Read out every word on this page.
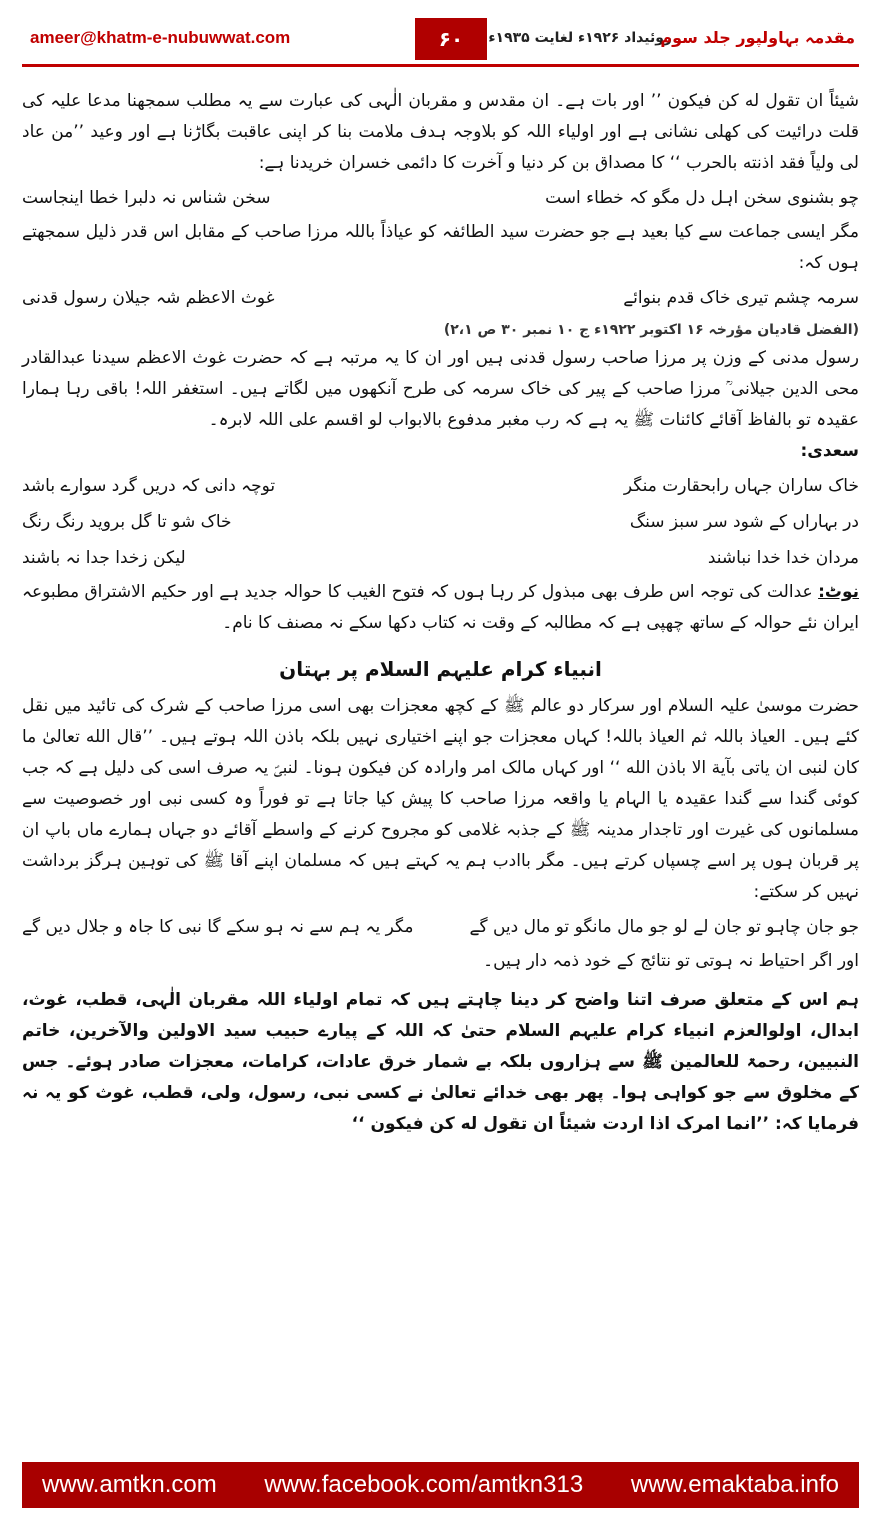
ameer@khatm-e-nubuwwat.com	۶۰	روئیداد ۱۹۲۶ء لغایت ۱۹۳۵ء
مقدمہ بہاولپور جلد سوم

شیئاً ان تقول له کن فیکون ’’ اور بات ہے۔ ان مقدس و مقربان الٰہی کی عبارت سے یہ مطلب سمجھنا مدعا علیہ کی قلت درائیت کی کھلی نشانی ہے اور اولیاء اللہ کو بلاوجہ ہدف ملامت بنا کر اپنی عاقبت بگاڑنا ہے اور وعید ’’من عاد لی ولیاً فقد اذنته بالحرب ‘‘ کا مصداق بن کر دنیا و آخرت کا دائمی خسران خریدنا ہے:

چو بشنوی سخن اہل دل مگو کہ خطاء است
سخن شناس نہ دلبرا خطا اینجاست

مگر ایسی جماعت سے کیا بعید ہے جو حضرت سید الطائفہ کو عیاذاً باللہ مرزا صاحب کے مقابل اس قدر ذلیل سمجھتے ہوں کہ:

سرمہ چشم تیری خاک قدم بنوائے
غوث الاعظم شہ جیلان رسول قدنی
(الفضل قادیان مؤرخہ ۱۶ اکتوبر ۱۹۲۲ء ج ۱۰ نمبر ۳۰ ص ۲،۱)

رسول مدنی کے وزن پر مرزا صاحب رسول قدنی ہیں اور ان کا یہ مرتبہ ہے کہ حضرت غوث الاعظم سیدنا عبدالقادر محی الدین جیلانی ؒ مرزا صاحب کے پیر کی خاک سرمہ کی طرح آنکھوں میں لگاتے ہیں۔ استغفر اللہ! باقی رہا ہمارا عقیدہ تو بالفاظ آقائے کائنات ﷺ یہ ہے کہ رب مغبر مدفوع بالابواب لو اقسم علی اللہ لابرہ۔

سعدی:

خاک ساران جہاں رابحقارت منگر
توچہ دانی کہ دریں گرد سوارے باشد
در بہاراں کے شود سر سبز سنگ
خاک شو تا گل بروید رنگ رنگ
مردان خدا خدا نباشند
لیکن زخدا جدا نہ باشند

نوٹ: عدالت کی توجہ اس طرف بھی مبذول کر رہا ہوں کہ فتوح الغیب کا حوالہ جدید ہے اور حکیم الاشتراق مطبوعہ ایران نئے حوالہ کے ساتھ چھپی ہے کہ مطالبہ کے وقت نہ کتاب دکھا سکے نہ مصنف کا نام۔

انبیاء کرام علیہم السلام پر بہتان

حضرت موسیٰ علیہ السلام اور سرکار دو عالم ﷺ کے کچھ معجزات بھی اسی مرزا صاحب کے شرک کی تائید میں نقل کئے ہیں۔ العیاذ باللہ ثم العیاذ باللہ! کہاں معجزات جو اپنے اختیاری نہیں بلکہ باذن اللہ ہوتے ہیں۔ ’’قال الله تعالیٰ ما کان لنبی ان یاتی بآیة الا باذن الله ‘‘ اور کہاں مالک امر وارادہ کن فیکون ہونا۔ لنبیؐ یہ صرف اسی کی دلیل ہے کہ جب کوئی گندا سے گندا عقیدہ یا الہام یا واقعہ مرزا صاحب کا پیش کیا جاتا ہے تو فوراً وہ کسی نبی اور خصوصیت سے مسلمانوں کی غیرت اور تاجدار مدینہ ﷺ کے جذبہ غلامی کو مجروح کرنے کے واسطے آقائے دو جہاں ہمارے ماں باپ ان پر قربان ہوں پر اسے چسپاں کرتے ہیں۔ مگر باادب ہم یہ کہتے ہیں کہ مسلمان اپنے آقا ﷺ کی توہین ہرگز برداشت نہیں کر سکتے:

جو جان چاہو تو جان لے لو جو مال مانگو تو مال دیں گے
مگر یہ ہم سے نہ ہو سکے گا نبی کا جاہ و جلال دیں گے

اور اگر احتیاط نہ ہوتی تو نتائج کے خود ذمہ دار ہیں۔

ہم اس کے متعلق صرف اتنا واضح کر دینا چاہتے ہیں کہ تمام اولیاء اللہ مقربان الٰہی، قطب، غوث، ابدال، اولوالعزم انبیاء کرام علیہم السلام حتیٰ کہ اللہ کے پیارے حبیب سید الاولین والآخرین، خاتم النبیین، رحمۃ للعالمین ﷺ سے ہزاروں بلکہ بے شمار خرق عادات، کرامات، معجزات صادر ہوئے۔ جس کے مخلوق سے جو کواہی ہوا۔ پھر بھی خدائے تعالیٰ نے کسی نبی، رسول، ولی، قطب، غوث کو یہ نہ فرمایا کہ: ’’انما امرک اذا اردت شیئاً ان تقول له کن فیکون ‘‘

www.amtkn.com www.facebook.com/amtkn313 www.emaktaba.info
